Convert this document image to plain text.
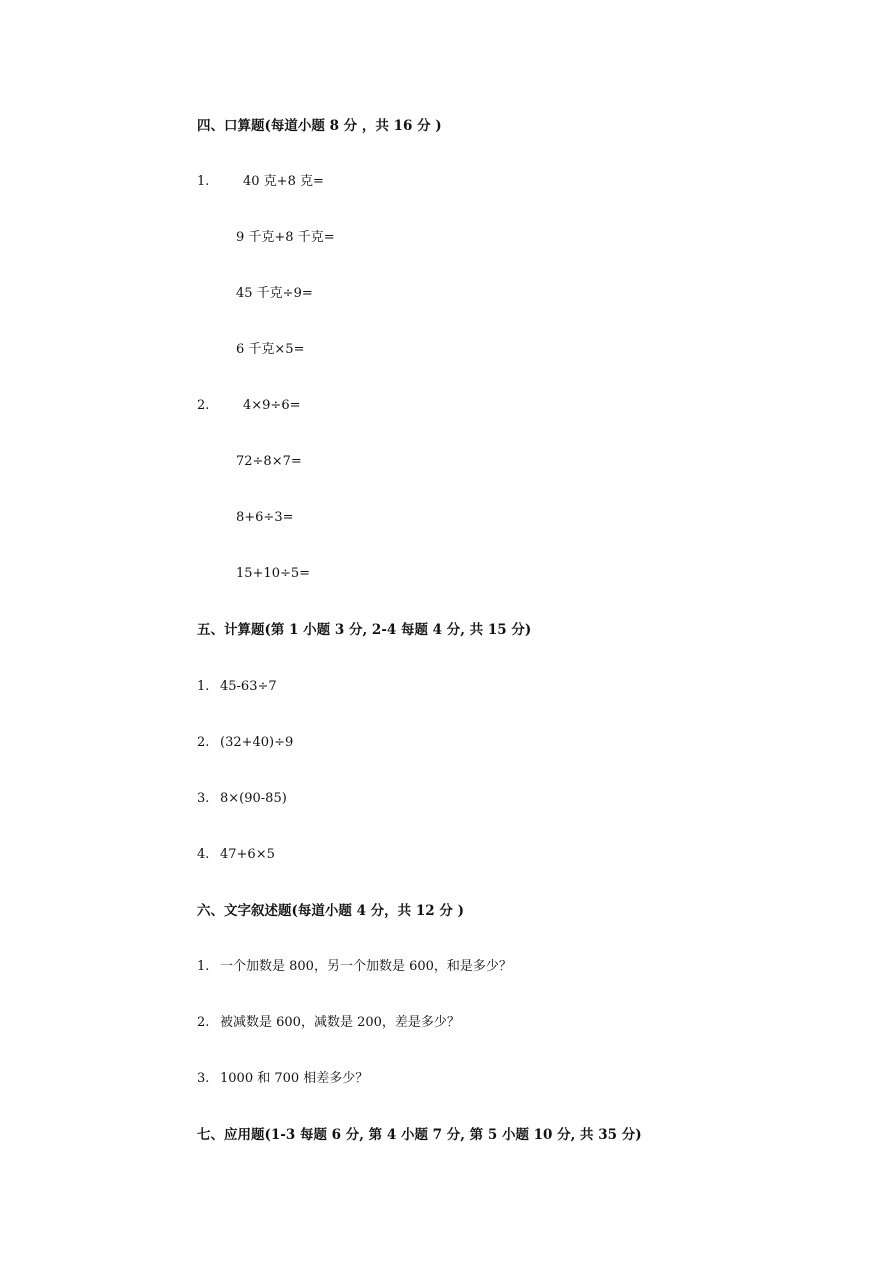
四、口算题(每道小题 8 分 ，共 16 分 )
1.	40 克+8 克=
9 千克+8 千克=
45 千克÷9=
6 千克×5=
2.	4×9÷6=
72÷8×7=
8+6÷3=
15+10÷5=
五、计算题(第 1 小题 3 分, 2-4 每题 4 分, 共 15 分)
1. 45-63÷7
2. (32+40)÷9
3. 8×(90-85)
4. 47+6×5
六、文字叙述题(每道小题 4 分，共 12 分 )
1. 一个加数是 800，另一个加数是 600，和是多少？
2. 被减数是 600，减数是 200，差是多少？
3. 1000 和 700 相差多少？
七、应用题(1-3 每题 6 分, 第 4 小题 7 分, 第 5 小题 10 分, 共 35 分)
